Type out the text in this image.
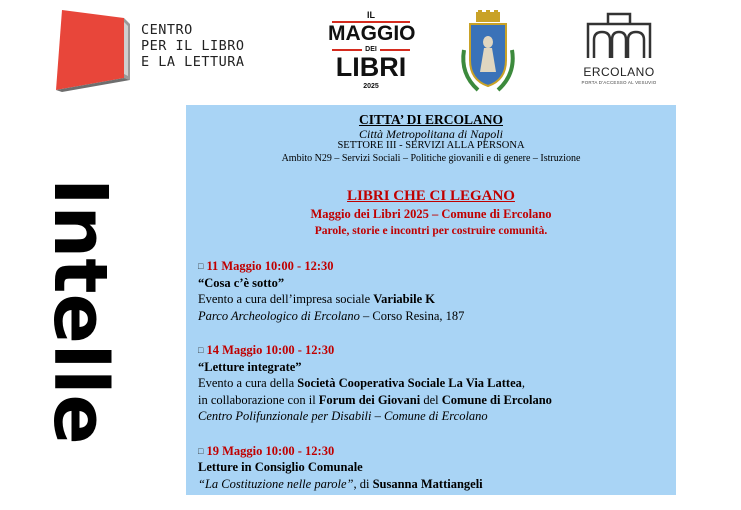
CENTRO
PER IL LIBRO
E LA LETTURA
IL
MAGGIO
DEI
LIBRI
2025
ERCOLANO
PORTA D'ACCESSO AL VESUVIO
Intelle
CITTA’ DI ERCOLANO
Città Metropolitana di Napoli
SETTORE III - SERVIZI ALLA PERSONA
Ambito N29 – Servizi Sociali – Politiche giovanili e di genere – Istruzione
LIBRI CHE CI LEGANO
Maggio dei Libri 2025 – Comune di Ercolano
Parole, storie e incontri per costruire comunità.
□ 11 Maggio 10:00 - 12:30
“Cosa c’è sotto”
Evento a cura dell’impresa sociale Variabile K
Parco Archeologico di Ercolano – Corso Resina, 187
□ 14 Maggio 10:00 - 12:30
“Letture integrate”
Evento a cura della Società Cooperativa Sociale La Via Lattea,
in collaborazione con il Forum dei Giovani del Comune di Ercolano
Centro Polifunzionale per Disabili – Comune di Ercolano
□ 19 Maggio 10:00 - 12:30
Letture in Consiglio Comunale
“La Costituzione nelle parole”, di Susanna Mattiangeli
